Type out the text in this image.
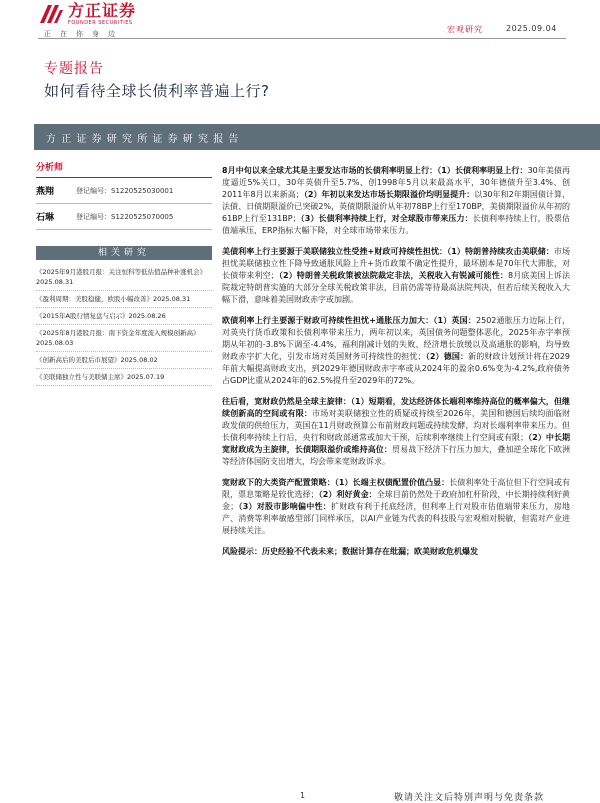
方正证券
FOUNDER SECURITIES
正在你身边	宏观研究	2025.09.04
专题报告
如何看待全球长债利率普遍上行?
方正证券研究所证券研究报告
分析师
燕翔	登记编号：S1220525030001
石琳	登记编号：S1220525070005
相关研究
《2025年9月港股月报：关注恒科等低估值品种补涨机会》2025.08.31
《盈利周期：美股稳健，欧股小幅改善》2025.08.31
《2015年A股行情复盘与启示》2025.08.26
《2025年8月港股月报：南下资金年度流入规模创新高》2025.08.03
《创新高后的美股后市展望》2025.08.02
《美联储独立性与美联储主席》2025.07.19
8月中旬以来全球尤其是主要发达市场的长债利率明显上行：（1）长债利率明显上行：30年美债再度逼近5%关口，30年英债升至5.7%、创1998年5月以来最高水平，30年德债升至3.4%、创2011年8月以来新高；（2）年初以来发达市场长期限溢价均明显提升：以30年和2年期国债计算，法债、日债期限溢价已突破2%，英债期限溢价从年初78BP上行至170BP，美债期限溢价从年初的61BP上行至131BP；（3）长债利率持续上行，对全球股市带来压力：长债利率持续上行，股票估值端承压，ERP指标大幅下降，对全球市场带来压力。
美债利率上行主要源于美联储独立性受挫+财政可持续性担忧：（1）特朗普持续攻击美联储：市场担忧美联储独立性下降导致通胀风险上升+货币政策不确定性提升，最坏剧本是70年代大滞胀，对长债带来利空；（2）特朗普关税政策被法院裁定非法，关税收入有锐减可能性：8月底美国上诉法院裁定特朗普实施的大部分全球关税政策非法，目前仍需等待最高法院判决，但若后续关税收入大幅下滑，意味着美国财政赤字或加剧。
欧债利率上行主要源于财政可持续性担忧+通胀压力加大：（1）英国：2502通胀压力边际上行，对英央行货币政策和长债利率带来压力，两年初以来，英国债务问题整体恶化，2025年赤字率预期从年初的-3.8%下调至-4.4%，福利削减计划的失败、经济增长放缓以及高通胀的影响，均导致财政赤字扩大化，引发市场对英国财务可持续性的担忧；（2）德国：新的财政计划预计将在2029年前大幅提高财政支出，到2029年德国财政赤字率或从2024年的盈余0.6%变为-4.2%,政府债务占GDP比重从2024年的62.5%提升至2029年的72%。
往后看，宽财政仍然是全球主旋律：（1）短期看，发达经济体长端利率维持高位的概率偏大，但继续创新高的空间或有限：市场对美联储独立性的质疑或持续至2026年，美国和德国后续均面临财政发债的供给压力，英国在11月财政预算公布前财政问题或持续发酵，均对长端利率带来压力。但长债利率持续上行后，央行和财政部通常或加大干预，后续利率继续上行空间或有限；（2）中长期宽财政成为主旋律，长债期限溢价或维持高位：贸易战下经济下行压力加大，叠加逆全球化下欧洲等经济体国防支出增大，均会带来宽财政诉求。
宽财政下的大类资产配置策略：（1）长端主权债配置价值凸显：长债利率处于高位但下行空间或有限，票息策略是较优选择；（2）利好黄金：全球目前仍然处于政府加杠杆阶段，中长期持续利好黄金；（3）对股市影响偏中性：扩财政有利于托底经济，但利率上行对股市估值端带来压力，房地产、消费等利率敏感型部门同样承压，以AI产业链为代表的科技股与宏观相对脱敏，但需对产业进展持续关注。
风险提示：历史经验不代表未来；数据计算存在纰漏；欧美财政危机爆发
1	敬请关注文后特别声明与免责条款
